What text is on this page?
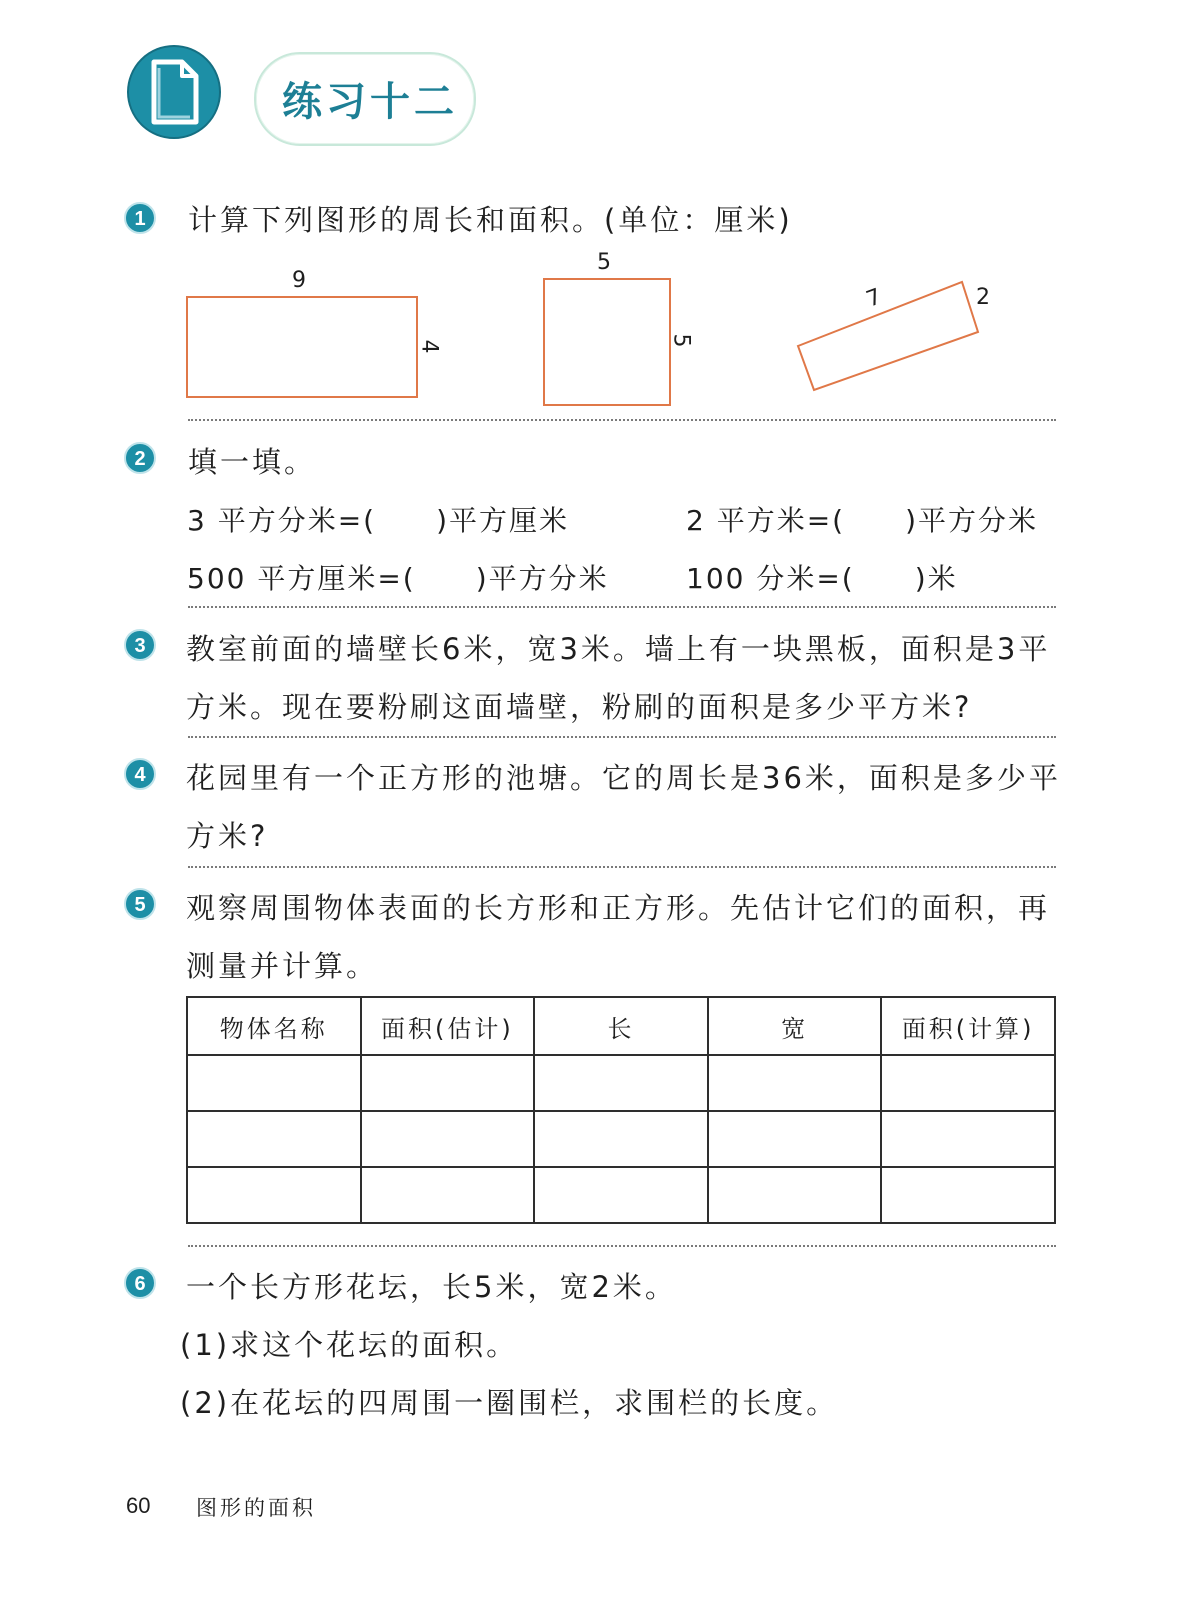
练习十二
1 计算下列图形的周长和面积。(单位：厘米)
9
4
5
5
7	2
2 填一填。
3 平方分米=(　　)平方厘米	2 平方米=(　　)平方分米
500 平方厘米=(　　)平方分米	100 分米=(　　)米
3 教室前面的墙壁长6米，宽3米。墙上有一块黑板，面积是3平
方米。现在要粉刷这面墙壁，粉刷的面积是多少平方米?
4 花园里有一个正方形的池塘。它的周长是36米，面积是多少平
方米?
5 观察周围物体表面的长方形和正方形。先估计它们的面积，再
测量并计算。
物体名称	面积(估计)	长	宽	面积(计算)

6 一个长方形花坛，长5米，宽2米。
(1)求这个花坛的面积。
(2)在花坛的四周围一圈围栏，求围栏的长度。
60 图形的面积
